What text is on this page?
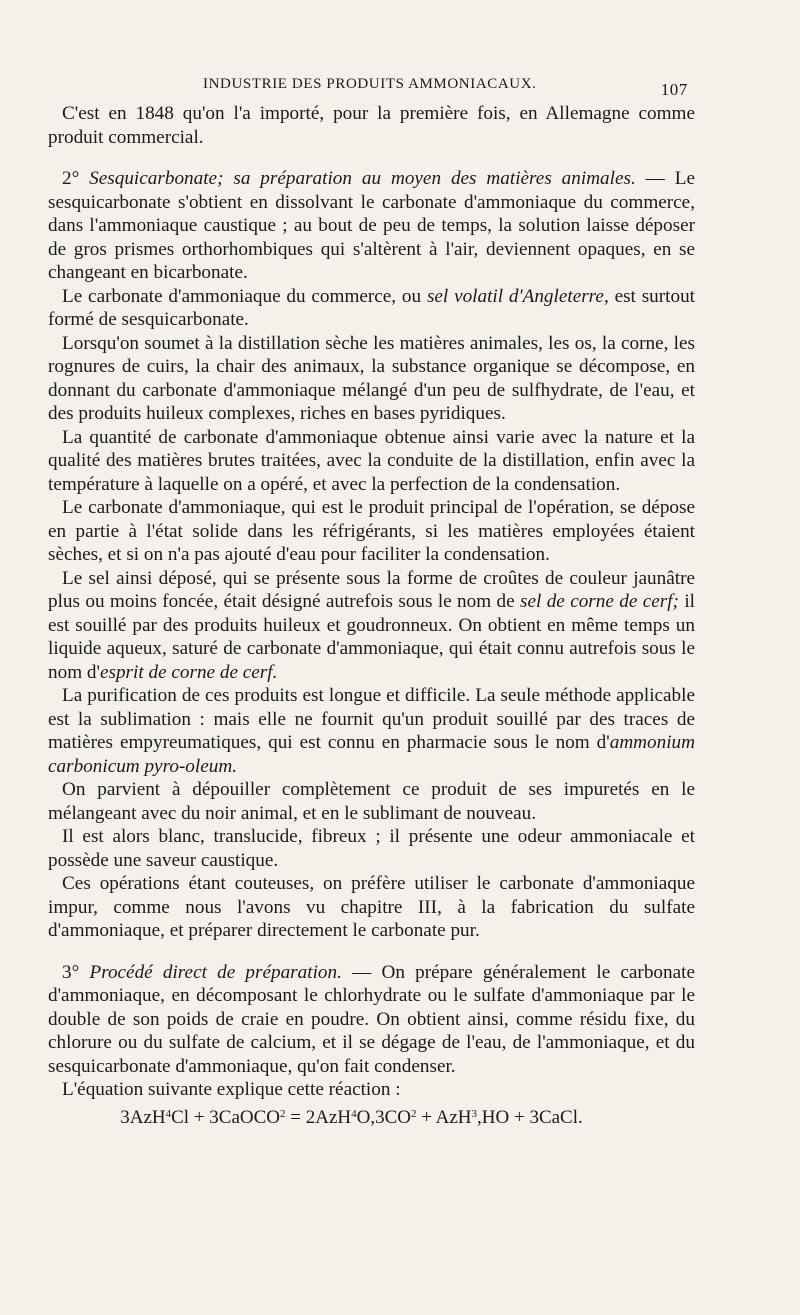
INDUSTRIE DES PRODUITS AMMONIACAUX.	107

C'est en 1848 qu'on l'a importé, pour la première fois, en Allemagne comme produit commercial.

2° Sesquicarbonate; sa préparation au moyen des matières animales. — Le sesquicarbonate s'obtient en dissolvant le carbonate d'ammoniaque du commerce, dans l'ammoniaque caustique ; au bout de peu de temps, la solution laisse déposer de gros prismes orthorhombiques qui s'altèrent à l'air, deviennent opaques, en se changeant en bicarbonate.

Le carbonate d'ammoniaque du commerce, ou sel volatil d'Angleterre, est surtout formé de sesquicarbonate.

Lorsqu'on soumet à la distillation sèche les matières animales, les os, la corne, les rognures de cuirs, la chair des animaux, la substance organique se décompose, en donnant du carbonate d'ammoniaque mélangé d'un peu de sulfhydrate, de l'eau, et des produits huileux complexes, riches en bases pyridiques.

La quantité de carbonate d'ammoniaque obtenue ainsi varie avec la nature et la qualité des matières brutes traitées, avec la conduite de la distillation, enfin avec la température à laquelle on a opéré, et avec la perfection de la condensation.

Le carbonate d'ammoniaque, qui est le produit principal de l'opération, se dépose en partie à l'état solide dans les réfrigérants, si les matières employées étaient sèches, et si on n'a pas ajouté d'eau pour faciliter la condensation.

Le sel ainsi déposé, qui se présente sous la forme de croûtes de couleur jaunâtre plus ou moins foncée, était désigné autrefois sous le nom de sel de corne de cerf; il est souillé par des produits huileux et goudronneux. On obtient en même temps un liquide aqueux, saturé de carbonate d'ammoniaque, qui était connu autrefois sous le nom d'esprit de corne de cerf.

La purification de ces produits est longue et difficile. La seule méthode applicable est la sublimation : mais elle ne fournit qu'un produit souillé par des traces de matières empyreumatiques, qui est connu en pharmacie sous le nom d'ammonium carbonicum pyro-oleum.

On parvient à dépouiller complètement ce produit de ses impuretés en le mélangeant avec du noir animal, et en le sublimant de nouveau.

Il est alors blanc, translucide, fibreux ; il présente une odeur ammoniacale et possède une saveur caustique.

Ces opérations étant couteuses, on préfère utiliser le carbonate d'ammoniaque impur, comme nous l'avons vu chapitre III, à la fabrication du sulfate d'ammoniaque, et préparer directement le carbonate pur.

3° Procédé direct de préparation. — On prépare généralement le carbonate d'ammoniaque, en décomposant le chlorhydrate ou le sulfate d'ammoniaque par le double de son poids de craie en poudre. On obtient ainsi, comme résidu fixe, du chlorure ou du sulfate de calcium, et il se dégage de l'eau, de l'ammoniaque, et du sesquicarbonate d'ammoniaque, qu'on fait condenser.

L'équation suivante explique cette réaction :

3AzH$^4$Cl + 3CaOCO$^2$ = $2AzH^4O,3CO^2 + AzH^3,HO$ + 3CaCl.
